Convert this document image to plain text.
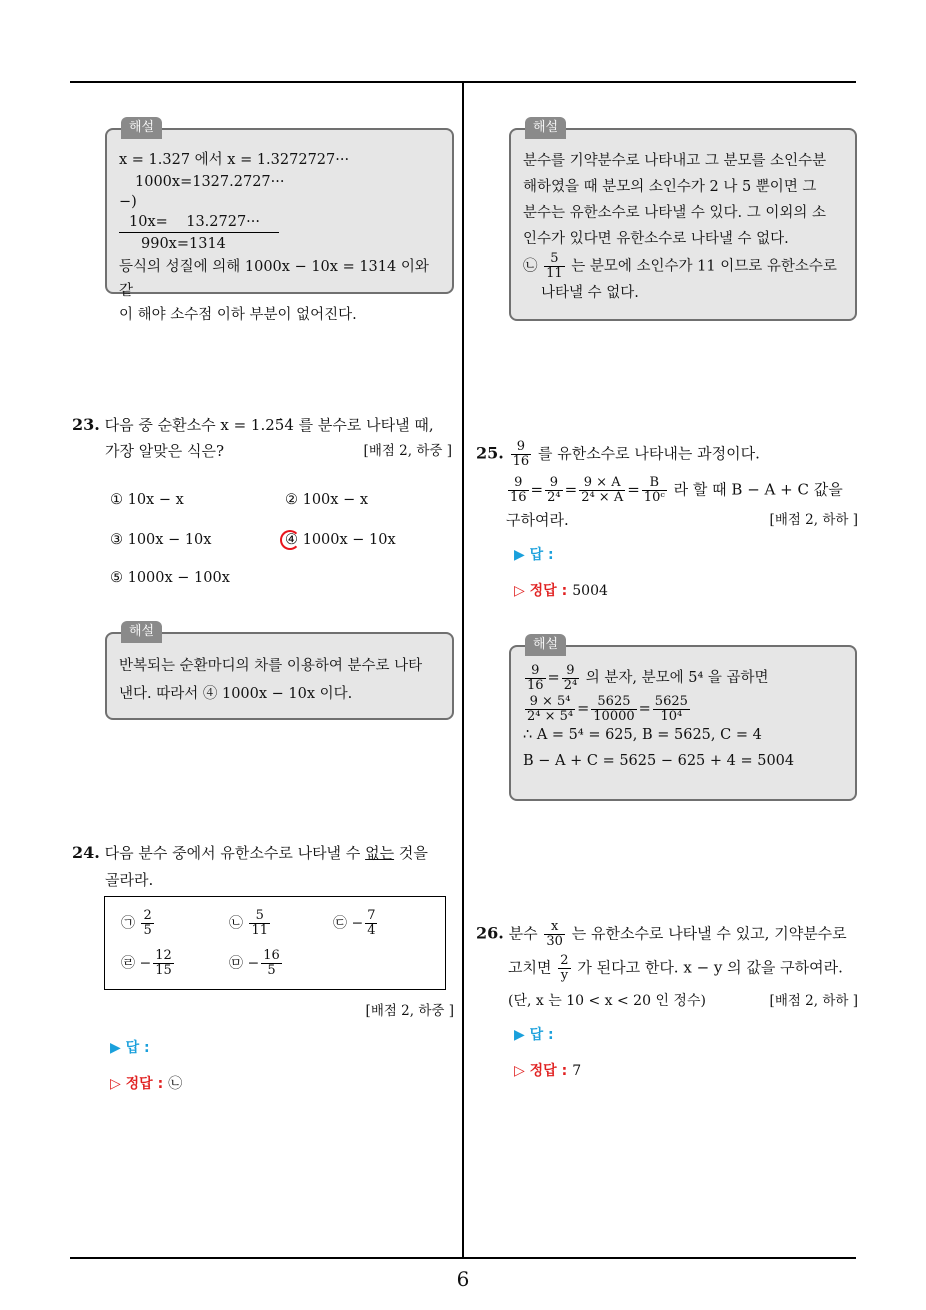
해설
x = 1.327 에서 x = 1.3272727···
1000x=1327.2727···
−) 10x=    13.2727···
990x=1314
등식의 성질에 의해 1000x − 10x = 1314 이와 같
이 해야 소수점 이하 부분이 없어진다.
해설
분수를 기약분수로 나타내고 그 분모를 소인수분
해하였을 때 분모의 소인수가 2 나 5 뿐이면 그
분수는 유한소수로 나타낼 수 있다. 그 이외의 소
인수가 있다면 유한소수로 나타낼 수 없다.
㉡ $\frac{5}{11}$ 는 분모에 소인수가 11 이므로 유한소수로
나타낼 수 없다.
23. 다음 중 순환소수 x = 1.25̇4̇ 를 분수로 나타낼 때,
가장 알맞은 식은?	[배점 2, 하중 ]
① 10x − x	② 100x − x
③ 100x − 10x	④ 1000x − 10x
⑤ 1000x − 100x
해설
반복되는 순환마디의 차를 이용하여 분수로 나타
낸다. 따라서 ④ 1000x − 10x 이다.
24. 다음 분수 중에서 유한소수로 나타낼 수 없는 것을
골라라.
㉠ $\frac{2}{5}$	㉡ $\frac{5}{11}$	㉢ − $\frac{7}{4}$
㉣ − $\frac{12}{15}$	㉤ − $\frac{16}{5}$
[배점 2, 하중 ]
▶ 답 :
▷ 정답 : ㉡
25. $\frac{9}{16}$ 를 유한소수로 나타내는 과정이다.
$\frac{9}{16} = \frac{9}{\text{2⁴}} = \frac{9 \times A}{\text{2⁴ × A}} = \frac{B}{\text{10ᶜ}}$ 라 할 때 B − A + C 값을
구하여라.	[배점 2, 하하 ]
▶ 답 :
▷ 정답 : 5004
해설
$\frac{9}{16} = \frac{9}{\text{2⁴}}$ 의 분자, 분모에 5⁴ 을 곱하면
$\frac{\text{9 × 5⁴}}{\text{2⁴ × 5⁴}} = \frac{5625}{10000} = \frac{5625}{\text{10⁴}}$
∴ A = 5⁴ = 625, B = 5625, C = 4
B − A + C = 5625 − 625 + 4 = 5004
26. 분수 $\frac{x}{30}$ 는 유한소수로 나타낼 수 있고, 기약분수로
고치면 $\frac{2}{y}$ 가 된다고 한다. x − y 의 값을 구하여라.
(단, x 는 10 < x < 20 인 정수)	[배점 2, 하하 ]
▶ 답 :
▷ 정답 : 7
6
